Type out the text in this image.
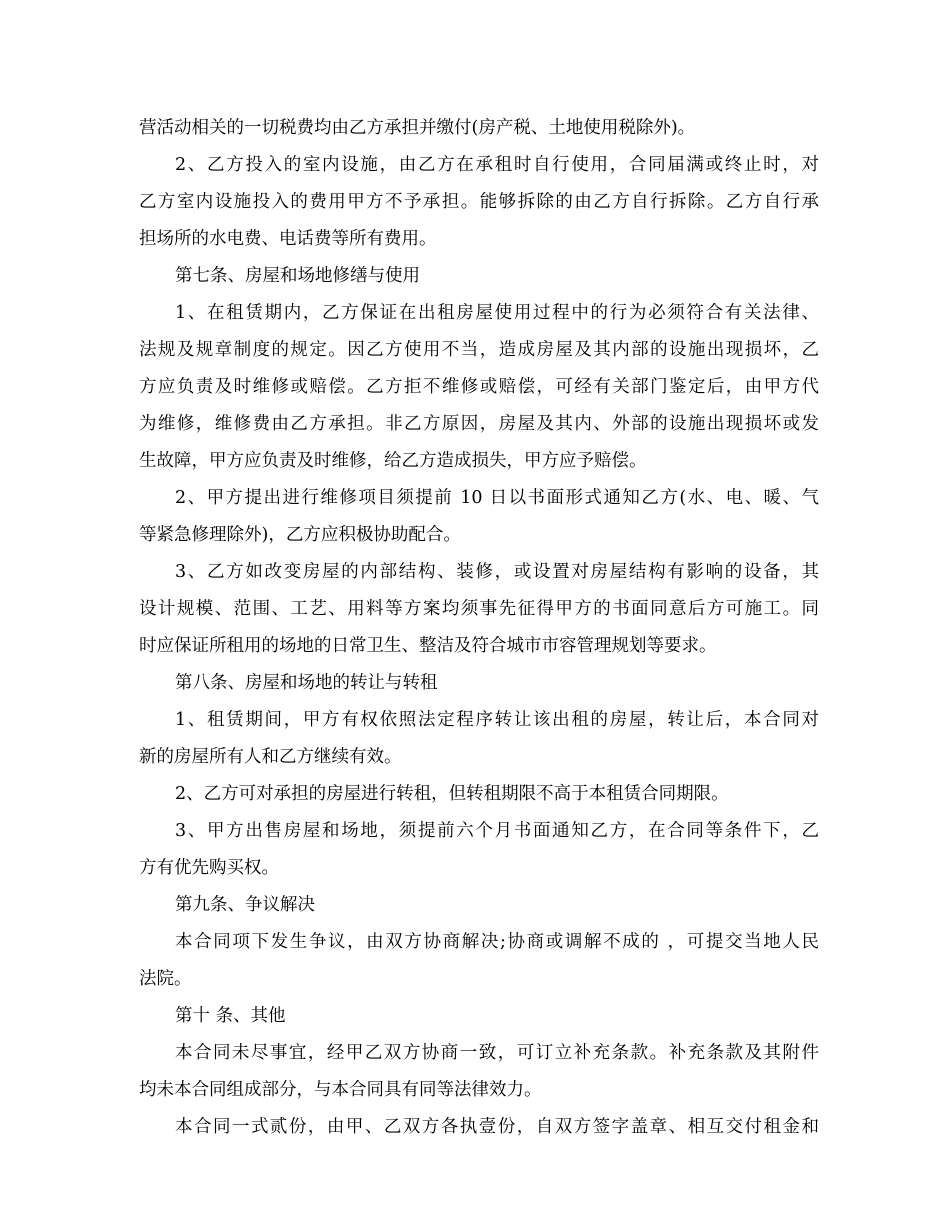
营活动相关的一切税费均由乙方承担并缴付(房产税、土地使用税除外)。
2、乙方投入的室内设施，由乙方在承租时自行使用，合同届满或终止时，对
乙方室内设施投入的费用甲方不予承担。能够拆除的由乙方自行拆除。乙方自行承
担场所的水电费、电话费等所有费用。
第七条、房屋和场地修缮与使用
1、在租赁期内，乙方保证在出租房屋使用过程中的行为必须符合有关法律、
法规及规章制度的规定。因乙方使用不当，造成房屋及其内部的设施出现损坏，乙
方应负责及时维修或赔偿。乙方拒不维修或赔偿，可经有关部门鉴定后，由甲方代
为维修，维修费由乙方承担。非乙方原因，房屋及其内、外部的设施出现损坏或发
生故障，甲方应负责及时维修，给乙方造成损失，甲方应予赔偿。
2、甲方提出进行维修项目须提前 10 日以书面形式通知乙方(水、电、暖、气
等紧急修理除外)，乙方应积极协助配合。
3、乙方如改变房屋的内部结构、装修，或设置对房屋结构有影响的设备，其
设计规模、范围、工艺、用料等方案均须事先征得甲方的书面同意后方可施工。同
时应保证所租用的场地的日常卫生、整洁及符合城市市容管理规划等要求。
第八条、房屋和场地的转让与转租
1、租赁期间，甲方有权依照法定程序转让该出租的房屋，转让后，本合同对
新的房屋所有人和乙方继续有效。
2、乙方可对承担的房屋进行转租，但转租期限不高于本租赁合同期限。
3、甲方出售房屋和场地，须提前六个月书面通知乙方，在合同等条件下，乙
方有优先购买权。
第九条、争议解决
本合同项下发生争议，由双方协商解决;协商或调解不成的 ，可提交当地人民
法院。
第十 条、其他
本合同未尽事宜，经甲乙双方协商一致，可订立补充条款。补充条款及其附件
均未本合同组成部分，与本合同具有同等法律效力。
本合同一式贰份，由甲、乙双方各执壹份，自双方签字盖章、相互交付租金和
